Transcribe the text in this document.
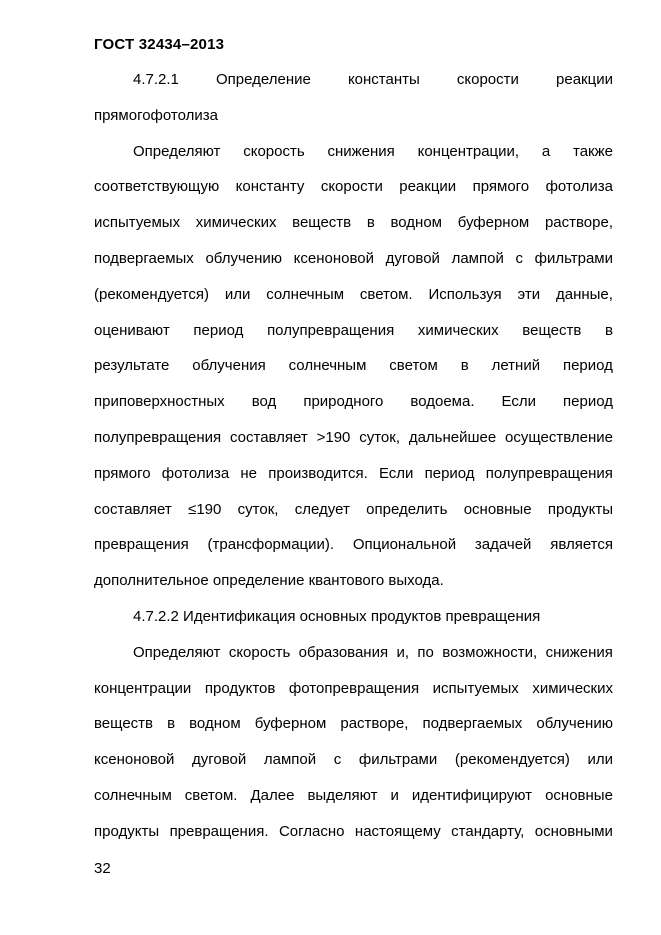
ГОСТ 32434–2013
4.7.2.1 Определение константы скорости реакции
прямогофотолиза
Определяют скорость снижения концентрации, а также
соответствующую константу скорости реакции прямого фотолиза
испытуемых химических веществ в водном буферном растворе,
подвергаемых облучению ксеноновой дуговой лампой с фильтрами
(рекомендуется) или солнечным светом. Используя эти данные,
оценивают период полупревращения химических веществ в
результате облучения солнечным светом в летний период
приповерхностных вод природного водоема. Если период
полупревращения составляет >190 суток, дальнейшее осуществление
прямого фотолиза не производится. Если период полупревращения
составляет ≤190 суток, следует определить основные продукты
превращения (трансформации). Опциональной задачей является
дополнительное определение квантового выхода.
4.7.2.2 Идентификация основных продуктов превращения
Определяют скорость образования и, по возможности, снижения
концентрации продуктов фотопревращения испытуемых химических
веществ в водном буферном растворе, подвергаемых облучению
ксеноновой дуговой лампой с фильтрами (рекомендуется) или
солнечным светом. Далее выделяют и идентифицируют основные
продукты превращения. Согласно настоящему стандарту, основными
32
